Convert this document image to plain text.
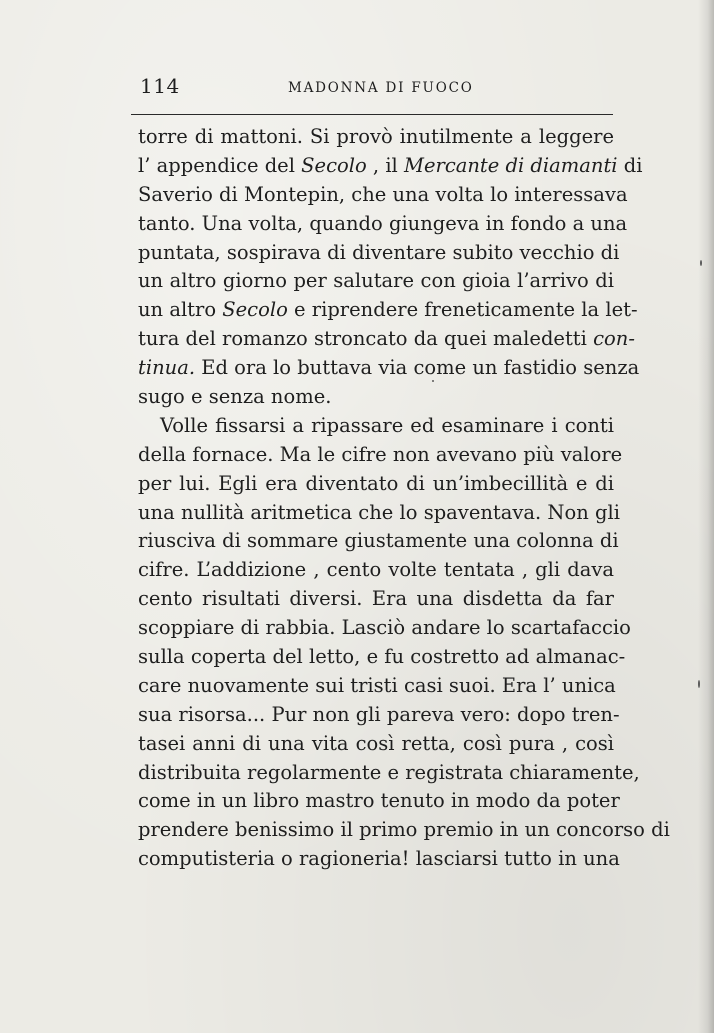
114	MADONNA DI FUOCO
torre di mattoni. Si provò inutilmente a leggere
l’ appendice del Secolo , il Mercante di diamanti di
Saverio di Montepin, che una volta lo interessava
tanto. Una volta, quando giungeva in fondo a una
puntata, sospirava di diventare subito vecchio di
un altro giorno per salutare con gioia l’arrivo di
un altro Secolo e riprendere freneticamente la let-
tura del romanzo stroncato da quei maledetti con-
tinua. Ed ora lo buttava via come un fastidio senza
sugo e senza nome.
Volle fissarsi a ripassare ed esaminare i conti
della fornace. Ma le cifre non avevano più valore
per lui. Egli era diventato di un’imbecillità e di
una nullità aritmetica che lo spaventava. Non gli
riusciva di sommare giustamente una colonna di
cifre. L’addizione , cento volte tentata , gli dava
cento risultati diversi. Era una disdetta da far
scoppiare di rabbia. Lasciò andare lo scartafaccio
sulla coperta del letto, e fu costretto ad almanac-
care nuovamente sui tristi casi suoi. Era l’ unica
sua risorsa... Pur non gli pareva vero: dopo tren-
tasei anni di una vita così retta, così pura , così
distribuita regolarmente e registrata chiaramente,
come in un libro mastro tenuto in modo da poter
prendere benissimo il primo premio in un concorso di
computisteria o ragioneria! lasciarsi tutto in una
